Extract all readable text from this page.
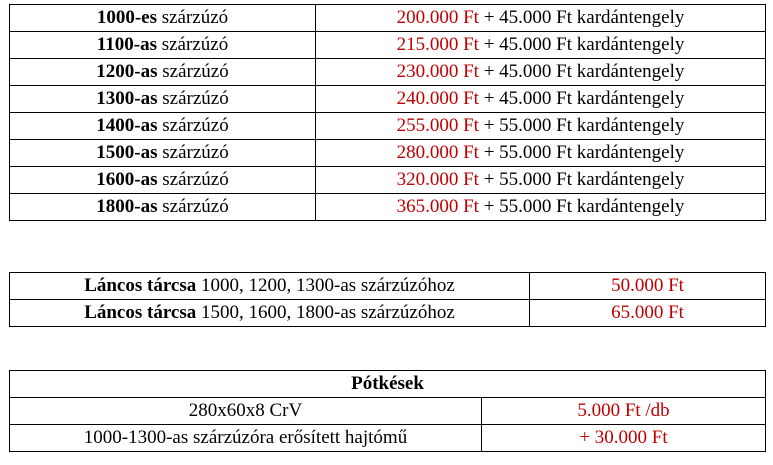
1000-es szárzúzó	200.000 Ft + 45.000 Ft kardántengely
1100-as szárzúzó	215.000 Ft + 45.000 Ft kardántengely
1200-as szárzúzó	230.000 Ft + 45.000 Ft kardántengely
1300-as szárzúzó	240.000 Ft + 45.000 Ft kardántengely
1400-as szárzúzó	255.000 Ft + 55.000 Ft kardántengely
1500-as szárzúzó	280.000 Ft + 55.000 Ft kardántengely
1600-as szárzúzó	320.000 Ft + 55.000 Ft kardántengely
1800-as szárzúzó	365.000 Ft + 55.000 Ft kardántengely
Láncos tárcsa 1000, 1200, 1300-as szárzúzóhoz	50.000 Ft
Láncos tárcsa 1500, 1600, 1800-as szárzúzóhoz	65.000 Ft
Pótkések	
280x60x8 CrV	5.000 Ft /db
1000-1300-as szárzúzóra erősített hajtómű	+ 30.000 Ft
